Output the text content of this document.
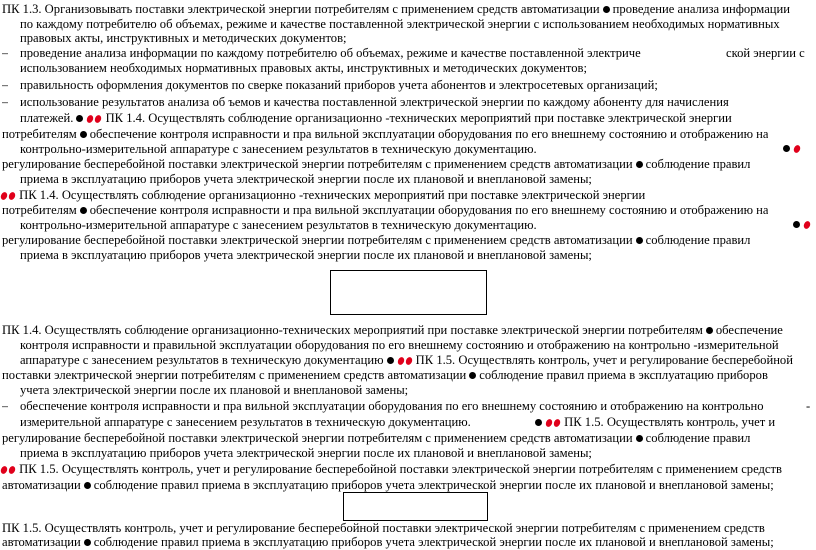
ПК 1.3. Организовывать поставки электрической энергии потребителям с применением средств автоматизации проведение анализа информации
по каждому потребителю об объемах, режиме и качестве поставленной электрической энергии с использованием необходимых нормативных
правовых акты, инструктивных и методических документов;
– проведение анализа информации по каждому потребителю об объемах, режиме и качестве поставленной электриче	ской энергии с
использованием необходимых нормативных правовых акты, инструктивных и методических документов;
– правильность оформления документов по сверке показаний приборов учета абонентов и электросетевых организаций;
– использование результатов анализа об ъемов и качества поставленной электрической энергии по каждому абоненту для начисления
платежей.	ПК 1.4. Осуществлять соблюдение организационно -технических мероприятий при поставке электрической энергии
потребителям обеспечение контроля исправности и пра вильной эксплуатации оборудования по его внешнему состоянию и отображению на
контрольно-измерительной аппаратуре с занесением результатов в техническую документацию.
регулирование бесперебойной поставки электрической энергии потребителям с применением средств автоматизации соблюдение правил
приема в эксплуатацию приборов учета электрической энергии после их плановой и внеплановой замены;
ПК 1.4. Осуществлять соблюдение организационно -технических мероприятий при поставке электрической энергии
потребителям обеспечение контроля исправности и пра вильной эксплуатации оборудования по его внешнему состоянию и отображению на
контрольно-измерительной аппаратуре с занесением результатов в техническую документацию.
регулирование бесперебойной поставки электрической энергии потребителям с применением средств автоматизации соблюдение правил
приема в эксплуатацию приборов учета электрической энергии после их плановой и внеплановой замены;
ПК 1.4. Осуществлять соблюдение организационно-технических мероприятий при поставке электрической энергии потребителям обеспечение
контроля исправности и правильной эксплуатации оборудования по его внешнему состоянию и отображению на контрольно -измерительной
аппаратуре с занесением результатов в техническую документацию	ПК 1.5. Осуществлять контроль, учет и регулирование бесперебойной
поставки электрической энергии потребителям с применением средств автоматизации соблюдение правил приема в эксплуатацию приборов
учета электрической энергии после их плановой и внеплановой замены;
– обеспечение контроля исправности и пра вильной эксплуатации оборудования по его внешнему состоянию и отображению на контрольно	-
измерительной аппаратуре с занесением результатов в техническую документацию.	ПК 1.5. Осуществлять контроль, учет и
регулирование бесперебойной поставки электрической энергии потребителям с применением средств автоматизации соблюдение правил
приема в эксплуатацию приборов учета электрической энергии после их плановой и внеплановой замены;
ПК 1.5. Осуществлять контроль, учет и регулирование бесперебойной поставки электрической энергии потребителям с применением средств
автоматизации соблюдение правил приема в эксплуатацию приборов учета электрической энергии после их плановой и внеплановой замены;
ПК 1.5. Осуществлять контроль, учет и регулирование бесперебойной поставки электрической энергии потребителям с применением средств
автоматизации соблюдение правил приема в эксплуатацию приборов учета электрической энергии после их плановой и внеплановой замены;
